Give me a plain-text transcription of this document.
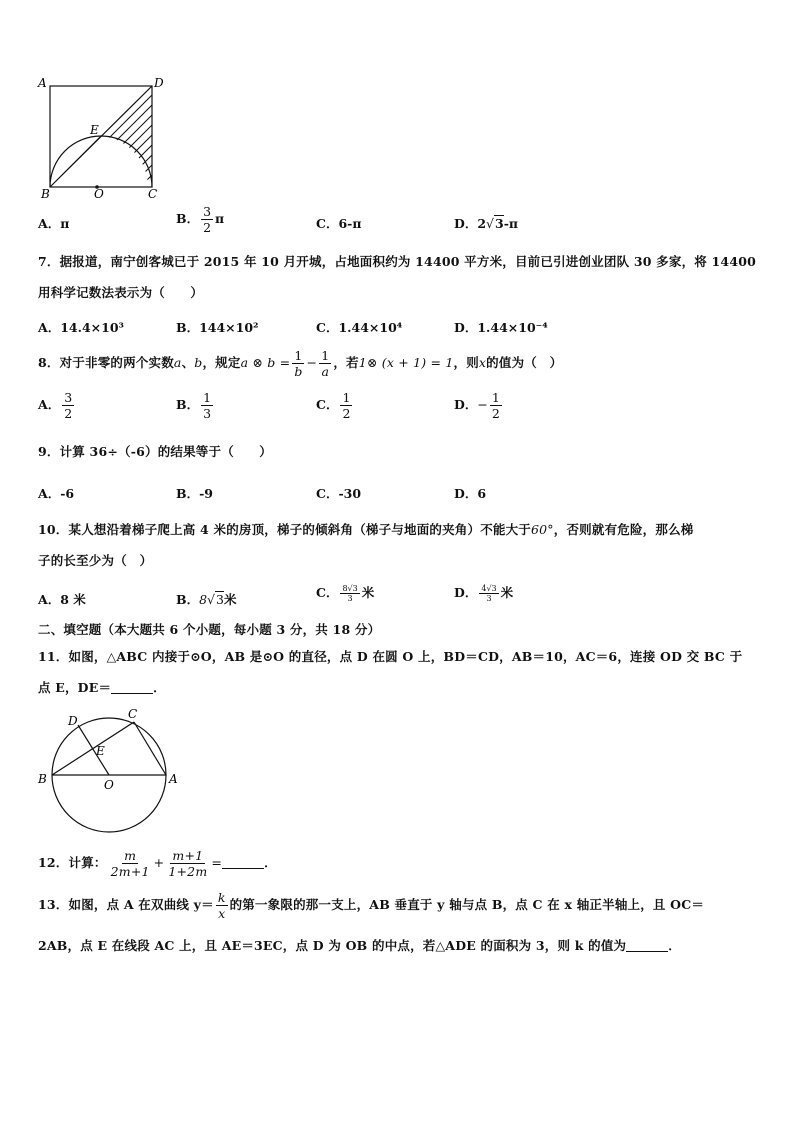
A	D
E
B	O	C
A．π	B． $\frac{3}{2}$ π	C．6-π	D．2√3-π
7．据报道，南宁创客城已于 2015 年 10 月开城，占地面积约为 14400 平方米，目前已引进创业团队 30 多家，将 14400
用科学记数法表示为（　　）
A．14.4×10³	B．144×10²	C．1.44×10⁴	D．1.44×10⁻⁴
8．对于非零的两个实数a、b，规定a ⊗ $b = \frac{1}{b} - \frac{1}{a}$ ，若1⊗ (x + 1) = 1，则x的值为（　）
A． $\frac{3}{2}$	B． $\frac{1}{3}$	C． $\frac{1}{2}$	D．− $\frac{1}{2}$
9．计算 36÷（-6）的结果等于（　　）
A．-6	B．-9	C．-30	D．6
10．某人想沿着梯子爬上高 4 米的房顶，梯子的倾斜角（梯子与地面的夹角）不能大于60°，否则就有危险，那么梯
子的长至少为（　）
A．8 米	B．8√3米	C． $\frac{8√3}{3}$ 米	D． $\frac{4√3}{3}$ 米
二、填空题（本大题共 6 个小题，每小题 3 分，共 18 分）
11．如图，△ABC 内接于⊙O，AB 是⊙O 的直径，点 D 在圆 O 上，BD＝CD，AB＝10，AC＝6，连接 OD 交 BC 于
点 E，DE＝	．
D	C
E
B	O	A
12．计算： $\frac{m}{2m+1} + \frac{m+1}{1+2m}$ =	．
13．如图，点 A 在双曲线 $y= \frac{k}{x}$ 的第一象限的那一支上，AB 垂直于 y 轴与点 B，点 C 在 x 轴正半轴上，且 OC＝
2AB，点 E 在线段 AC 上，且 AE＝3EC，点 D 为 OB 的中点，若△ADE 的面积为 3，则 k 的值为	．
